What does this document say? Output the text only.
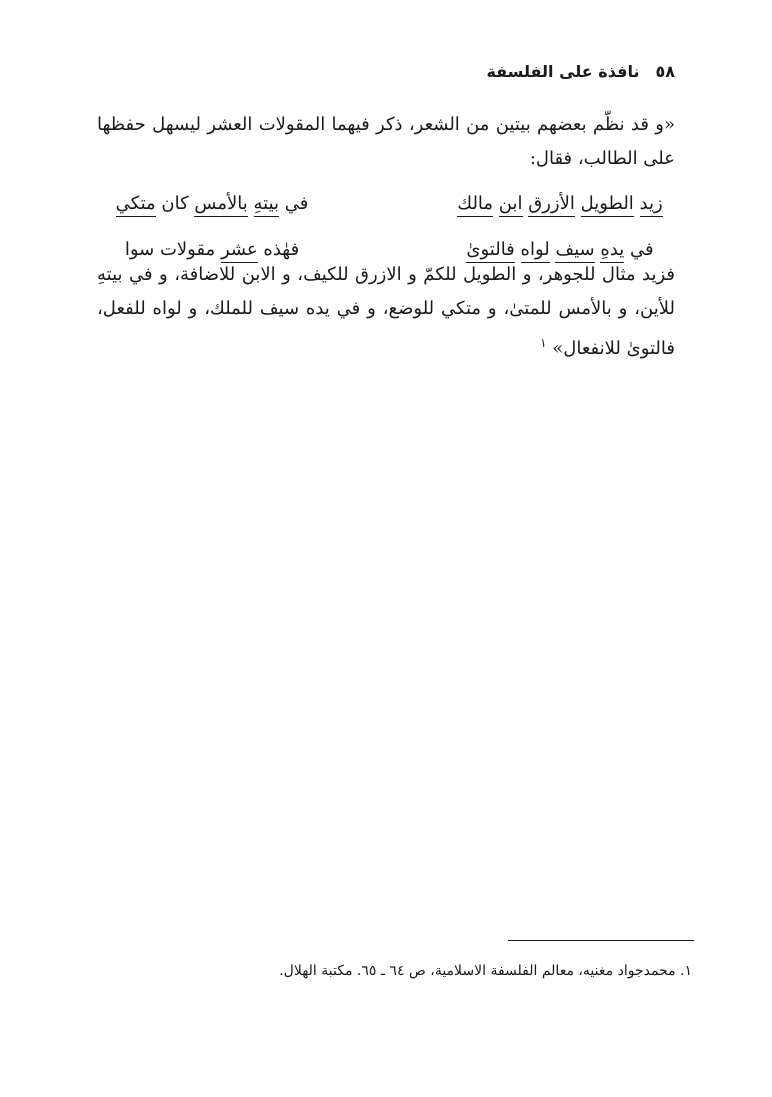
٥٨
نافذة على الفلسفة
«و قد نظّم بعضهم بيتين من الشعر، ذكر فيهما المقولات العشر ليسهل حفظها على الطالب، فقال:
زيد الطويل الأزرق ابن مالك
في بيتهِ بالأمس كان متكي
في يدهِ سيف لواه فالتوىٰ
فهٰذه عشر مقولات سوا
فزيد مثال للجوهر، و الطويل للكمّ و الازرق للكيف، و الابن للاضافة، و في بيتهِ للأين، و بالأمس للمتىٰ، و متكي للوضع، و في يده سيف للملك، و لواه للفعل، فالتوىٰ للانفعال» $^١$
١. محمدجواد مغنيه، معالم الفلسفة الاسلامية، ص ٦٤ ـ ٦٥. مكتبة الهلال.
